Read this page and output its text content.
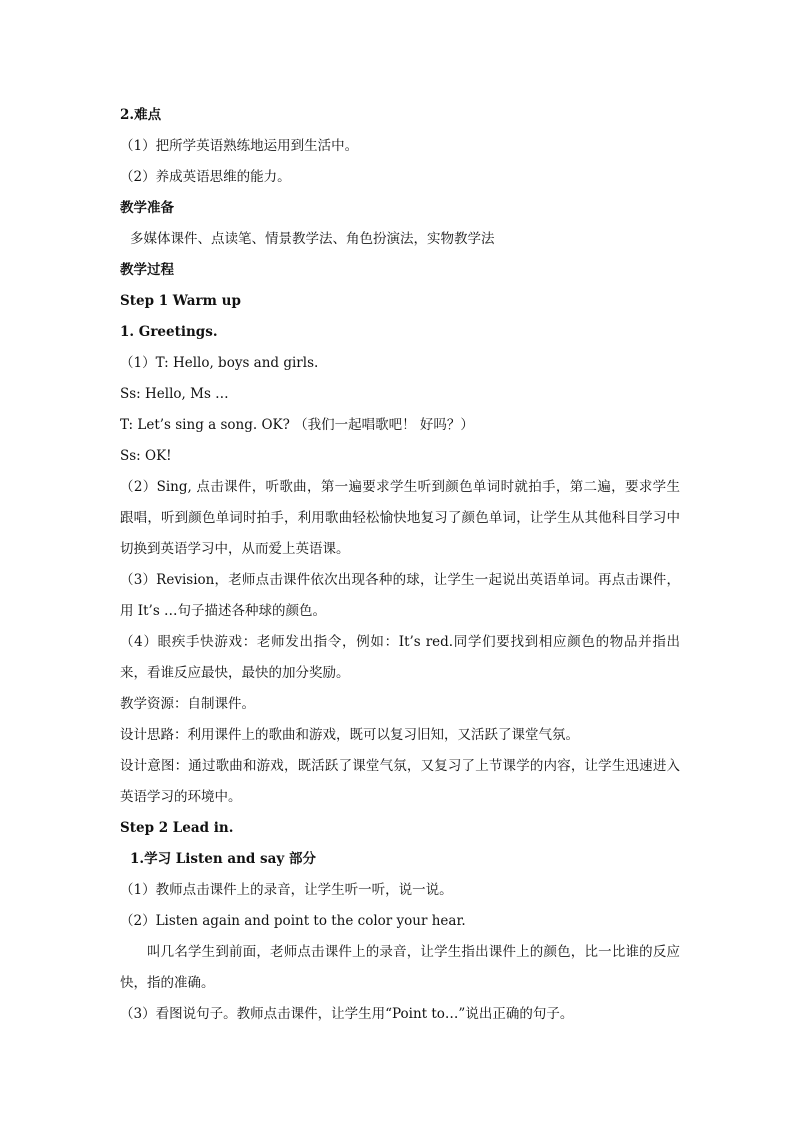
2.难点

（1）把所学英语熟练地运用到生活中。

（2）养成英语思维的能力。

教学准备

多媒体课件、点读笔、情景教学法、角色扮演法，实物教学法

教学过程

Step 1 Warm up

1. Greetings.

（1）T: Hello, boys and girls.

Ss: Hello, Ms …

T: Let’s sing a song. OK? （我们一起唱歌吧！ 好吗？）

Ss: OK!

（2）Sing, 点击课件，听歌曲，第一遍要求学生听到颜色单词时就拍手，第二遍，要求学生跟唱，听到颜色单词时拍手，利用歌曲轻松愉快地复习了颜色单词，让学生从其他科目学习中切换到英语学习中，从而爱上英语课。

（3）Revision，老师点击课件依次出现各种的球，让学生一起说出英语单词。再点击课件，用 It’s …句子描述各种球的颜色。

（4）眼疾手快游戏：老师发出指令，例如：It’s red.同学们要找到相应颜色的物品并指出来，看谁反应最快，最快的加分奖励。

教学资源：自制课件。

设计思路：利用课件上的歌曲和游戏，既可以复习旧知，又活跃了课堂气氛。

设计意图：通过歌曲和游戏，既活跃了课堂气氛，又复习了上节课学的内容，让学生迅速进入英语学习的环境中。

Step 2 Lead in.

1.学习 Listen and say 部分

（1）教师点击课件上的录音，让学生听一听，说一说。

（2）Listen again and point to the color your hear.

叫几名学生到前面，老师点击课件上的录音，让学生指出课件上的颜色，比一比谁的反应快，指的准确。

（3）看图说句子。教师点击课件，让学生用“Point to…”说出正确的句子。
